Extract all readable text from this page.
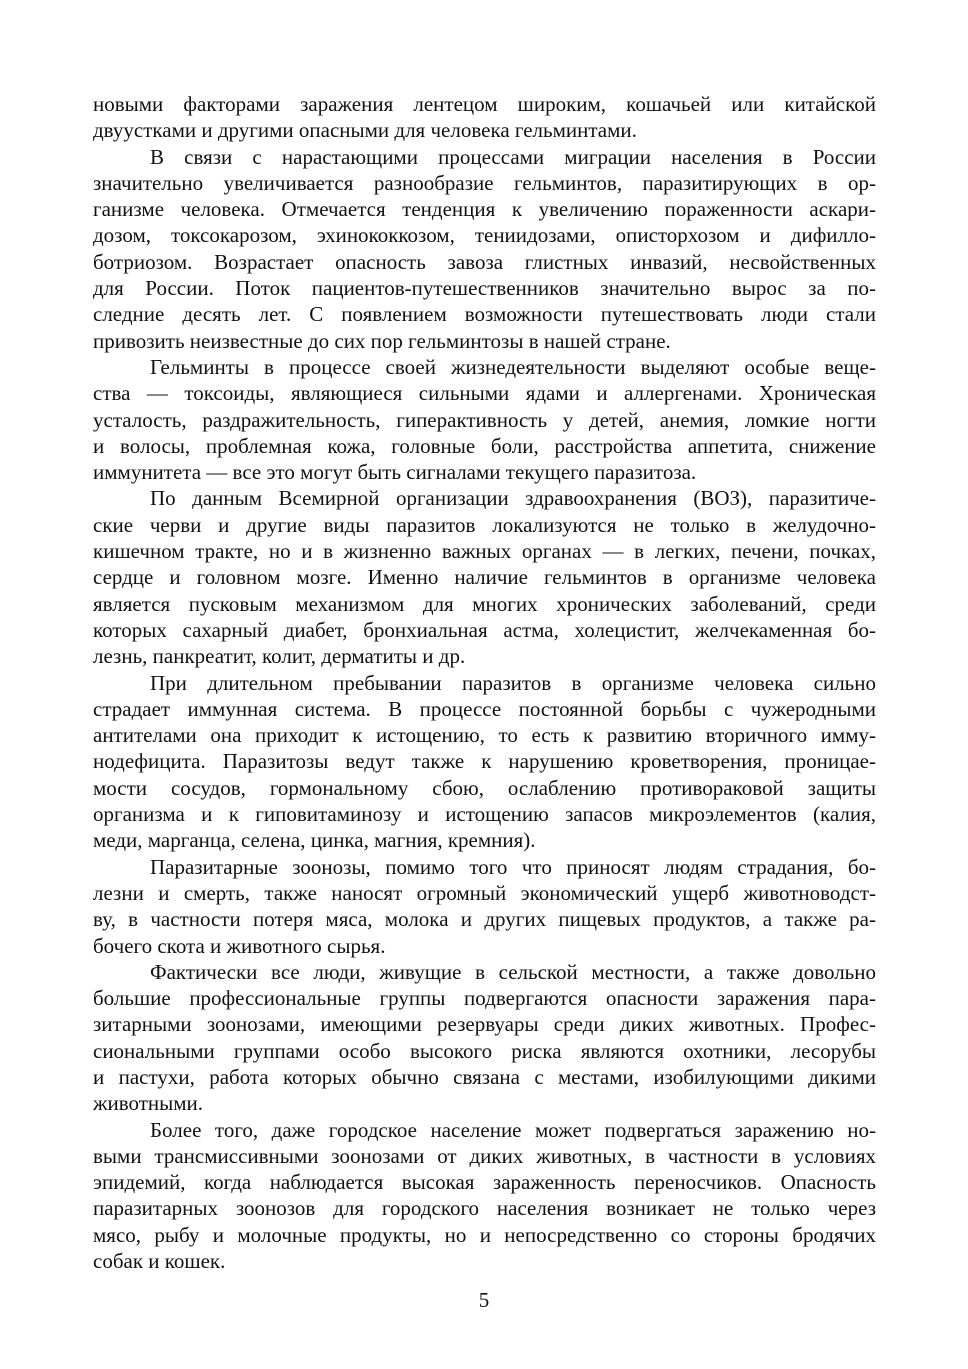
новыми факторами заражения лентецом широким, кошачьей или китайской
двуустками и другими опасными для человека гельминтами.

В связи с нарастающими процессами миграции населения в России
значительно увеличивается разнообразие гельминтов, паразитирующих в ор-
ганизме человека. Отмечается тенденция к увеличению пораженности аскари-
дозом, токсокарозом, эхинококкозом, тениидозами, описторхозом и дифилло-
ботриозом. Возрастает опасность завоза глистных инвазий, несвойственных
для России. Поток пациентов-путешественников значительно вырос за по-
следние десять лет. С появлением возможности путешествовать люди стали
привозить неизвестные до сих пор гельминтозы в нашей стране.

Гельминты в процессе своей жизнедеятельности выделяют особые веще-
ства — токсоиды, являющиеся сильными ядами и аллергенами. Хроническая
усталость, раздражительность, гиперактивность у детей, анемия, ломкие ногти
и волосы, проблемная кожа, головные боли, расстройства аппетита, снижение
иммунитета — все это могут быть сигналами текущего паразитоза.

По данным Всемирной организации здравоохранения (ВОЗ), паразитиче-
ские черви и другие виды паразитов локализуются не только в желудочно-
кишечном тракте, но и в жизненно важных органах — в легких, печени, почках,
сердце и головном мозге. Именно наличие гельминтов в организме человека
является пусковым механизмом для многих хронических заболеваний, среди
которых сахарный диабет, бронхиальная астма, холецистит, желчекаменная бо-
лезнь, панкреатит, колит, дерматиты и др.

При длительном пребывании паразитов в организме человека сильно
страдает иммунная система. В процессе постоянной борьбы с чужеродными
антителами она приходит к истощению, то есть к развитию вторичного имму-
нодефицита. Паразитозы ведут также к нарушению кроветворения, проницае-
мости сосудов, гормональному сбою, ослаблению противораковой защиты
организма и к гиповитаминозу и истощению запасов микроэлементов (калия,
меди, марганца, селена, цинка, магния, кремния).

Паразитарные зоонозы, помимо того что приносят людям страдания, бо-
лезни и смерть, также наносят огромный экономический ущерб животноводст-
ву, в частности потеря мяса, молока и других пищевых продуктов, а также ра-
бочего скота и животного сырья.

Фактически все люди, живущие в сельской местности, а также довольно
большие профессиональные группы подвергаются опасности заражения пара-
зитарными зоонозами, имеющими резервуары среди диких животных. Профес-
сиональными группами особо высокого риска являются охотники, лесорубы
и пастухи, работа которых обычно связана с местами, изобилующими дикими
животными.

Более того, даже городское население может подвергаться заражению но-
выми трансмиссивными зоонозами от диких животных, в частности в условиях
эпидемий, когда наблюдается высокая зараженность переносчиков. Опасность
паразитарных зоонозов для городского населения возникает не только через
мясо, рыбу и молочные продукты, но и непосредственно со стороны бродячих
собак и кошек.

5
